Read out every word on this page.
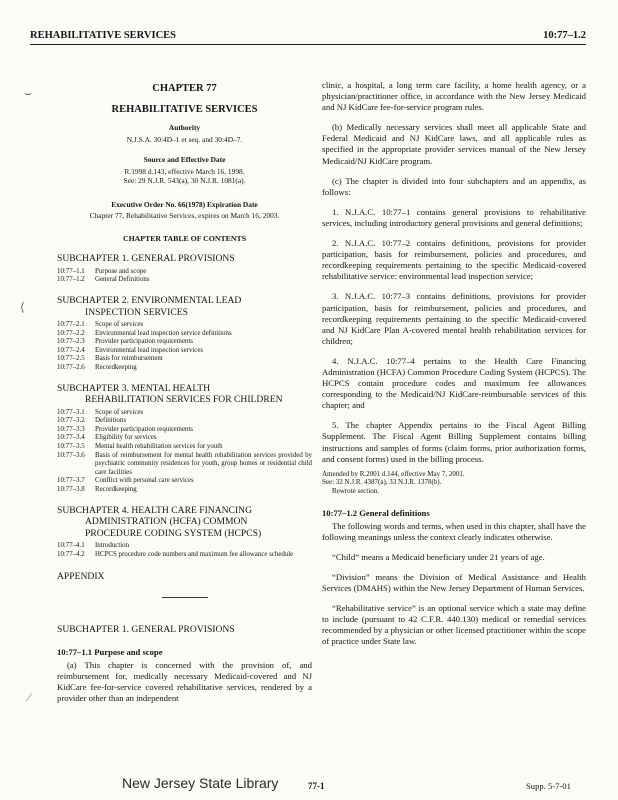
REHABILITATIVE SERVICES	10:77–1.2
⌣
⟨
⁄
CHAPTER 77
REHABILITATIVE SERVICES
Authority
N.J.S.A. 30:4D–1 et seq. and 30:4D–7.
Source and Effective Date
R.1998 d.143, effective March 16, 1998.
See: 29 N.J.R. 543(a), 30 N.J.R. 1081(a).
Executive Order No. 66(1978) Expiration Date
Chapter 77, Rehabilitative Services, expires on March 16, 2003.
CHAPTER TABLE OF CONTENTS
SUBCHAPTER 1. GENERAL PROVISIONS
10:77–1.1	Purpose and scope
10:77–1.2	General Definitions
SUBCHAPTER 2. ENVIRONMENTAL LEAD
INSPECTION SERVICES
10:77–2.1	Scope of services
10:77–2.2	Environmental lead inspection service definitions
10:77–2.3	Provider participation requirements
10:77–2.4	Environmental lead inspection services
10:77–2.5	Basis for reimbursement
10:77–2.6	Recordkeeping
SUBCHAPTER 3. MENTAL HEALTH
REHABILITATION SERVICES FOR CHILDREN
10:77–3.1	Scope of services
10:77–3.2	Definitions
10:77–3.3	Provider participation requirements
10:77–3.4	Eligibility for services
10:77–3.5	Mental health rehabilitation services for youth
10:77–3.6	Basis of reimbursement for mental health rehabilitation services provided by psychiatric community residences for youth, group homes or residential child care facilities
10:77–3.7	Conflict with personal care services
10:77–3.8	Recordkeeping
SUBCHAPTER 4. HEALTH CARE FINANCING
ADMINISTRATION (HCFA) COMMON
PROCEDURE CODING SYSTEM (HCPCS)
10:77–4.1	Introduction
10:77–4.2	HCPCS procedure code numbers and maximum fee allowance schedule
APPENDIX
SUBCHAPTER 1. GENERAL PROVISIONS
10:77–1.1 Purpose and scope
(a) This chapter is concerned with the provision of, and reimbursement for, medically necessary Medicaid-covered and NJ KidCare fee-for-service covered rehabilitative services, rendered by a provider other than an independent
clinic, a hospital, a long term care facility, a home health agency, or a physician/practitioner office, in accordance with the New Jersey Medicaid and NJ KidCare fee-for-service program rules.
(b) Medically necessary services shall meet all applicable State and Federal Medicaid and NJ KidCare laws, and all applicable rules as specified in the appropriate provider services manual of the New Jersey Medicaid/NJ KidCare program.
(c) The chapter is divided into four subchapters and an appendix, as follows:
1. N.J.A.C. 10:77–1 contains general provisions to rehabilitative services, including introductory general provisions and general definitions;
2. N.J.A.C. 10:77–2 contains definitions, provisions for provider participation, basis for reimbursement, policies and procedures, and recordkeeping requirements pertaining to the specific Medicaid-covered rehabilitative service: environmental lead inspection service;
3. N.J.A.C. 10:77–3 contains definitions, provisions for provider participation, basis for reimbursement, policies and procedures, and recordkeeping requirements pertaining to the specific Medicaid-covered and NJ KidCare Plan A-covered mental health rehabilitation services for children;
4. N.J.A.C. 10:77–4 pertains to the Health Care Financing Administration (HCFA) Common Procedure Coding System (HCPCS). The HCPCS contain procedure codes and maximum fee allowances corresponding to the Medicaid/NJ KidCare-reimbursable services of this chapter; and
5. The chapter Appendix pertains to the Fiscal Agent Billing Supplement. The Fiscal Agent Billing Supplement contains billing instructions and samples of forms (claim forms, prior authorization forms, and consent forms) used in the billing process.
Amended by R.2001 d.144, effective May 7, 2001.
See: 32 N.J.R. 4387(a), 33 N.J.R. 1378(b).
Rewrote section.
10:77–1.2 General definitions
The following words and terms, when used in this chapter, shall have the following meanings unless the context clearly indicates otherwise.
“Child” means a Medicaid beneficiary under 21 years of age.
“Division” means the Division of Medical Assistance and Health Services (DMAHS) within the New Jersey Department of Human Services.
“Rehabilitative service” is an optional service which a state may define to include (pursuant to 42 C.F.R. 440.130) medical or remedial services recommended by a physician or other licensed practitioner within the scope of practice under State law.
New Jersey State Library	77-1	Supp. 5-7-01
